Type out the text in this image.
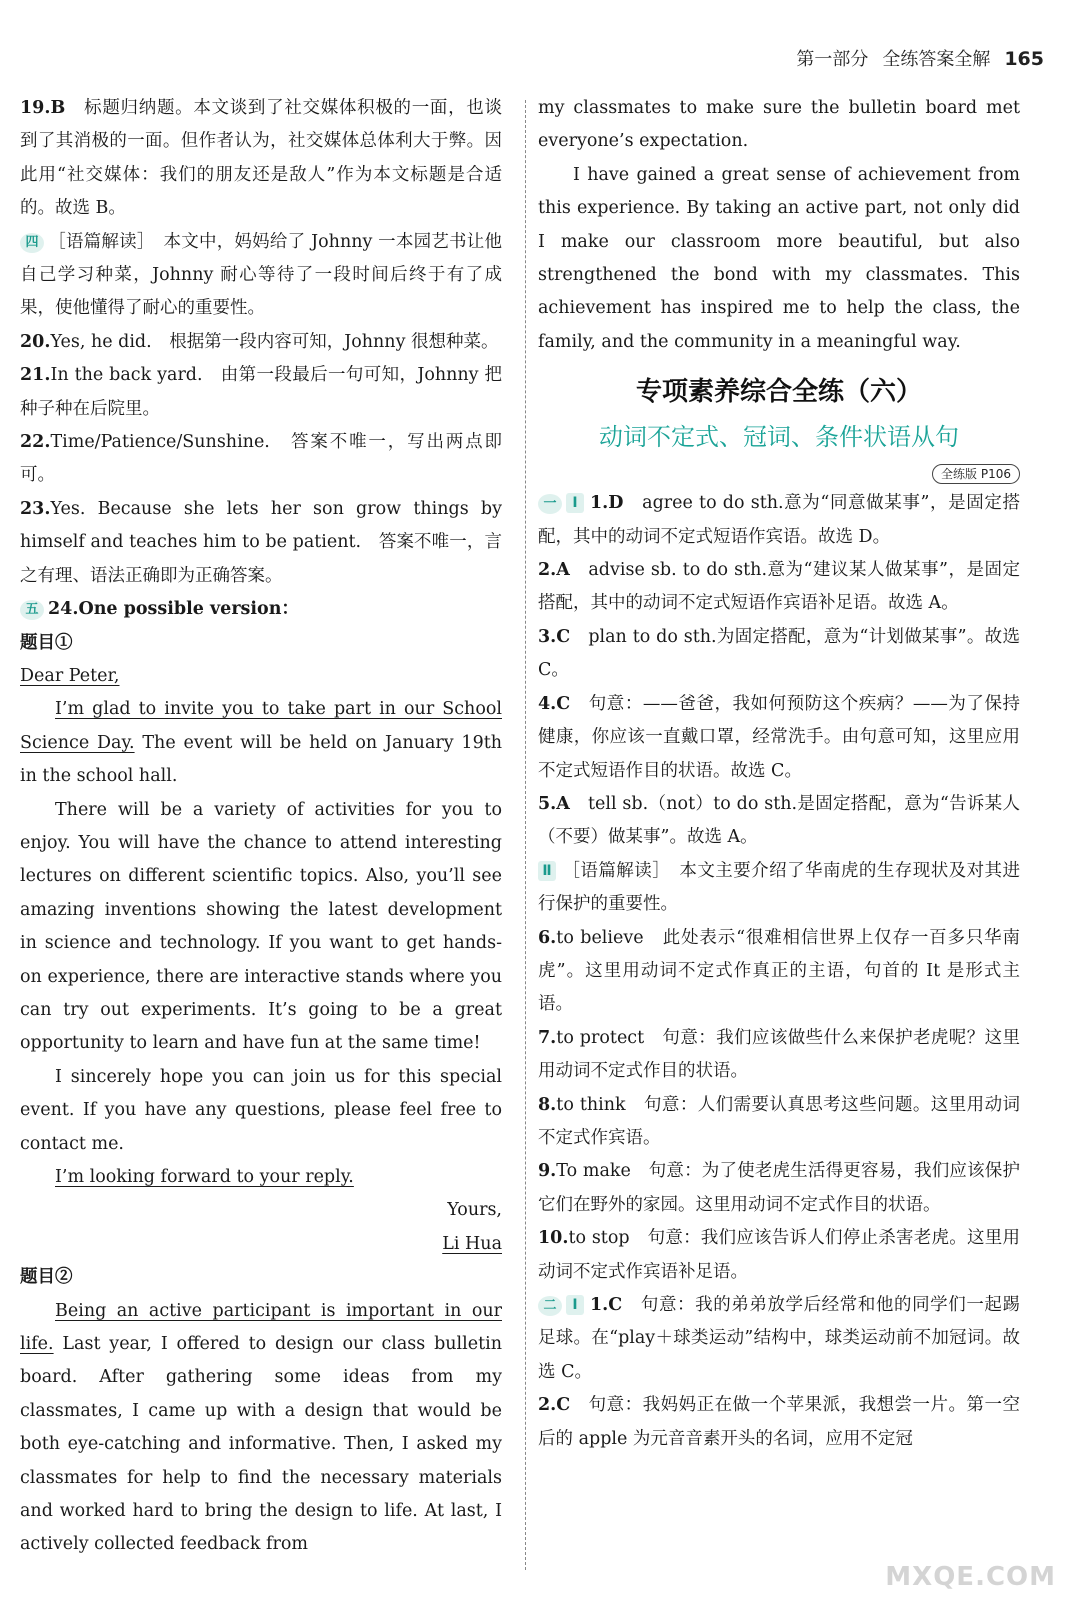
第一部分 全练答案全解 165

19.B　 标题归纳题。本文谈到了社交媒体积极的一面，也谈到了其消极的一面。但作者认为，社交媒体总体利大于弊。因此用“社交媒体：我们的朋友还是敌人”作为本文标题是合适的。故选 B。

四 ［语篇解读］　本文中，妈妈给了 Johnny 一本园艺书让他自己学习种菜，Johnny 耐心等待了一段时间后终于有了成果，使他懂得了耐心的重要性。

20.Yes, he did.　根据第一段内容可知，Johnny 很想种菜。

21.In the back yard.　由第一段最后一句可知，Johnny 把种子种在后院里。

22.Time/Patience/Sunshine.　答案不唯一，写出两点即可。

23.Yes. Because she lets her son grow things by himself and teaches him to be patient.　答案不唯一，言之有理、语法正确即为正确答案。

五 24.One possible version：

题目①

Dear Peter,

I’m glad to invite you to take part in our School Science Day. The event will be held on January 19th in the school hall.

There will be a variety of activities for you to enjoy. You will have the chance to attend interesting lectures on different scientific topics. Also, you’ll see amazing inventions showing the latest development in science and technology. If you want to get hands-on experience, there are interactive stands where you can try out experiments. It’s going to be a great opportunity to learn and have fun at the same time!

I sincerely hope you can join us for this special event. If you have any questions, please feel free to contact me.

I’m looking forward to your reply.

Yours,

Li Hua

题目②

Being an active participant is important in our life. Last year, I offered to design our class bulletin board. After gathering some ideas from my classmates, I came up with a design that would be both eye-catching and informative. Then, I asked my classmates for help to find the necessary materials and worked hard to bring the design to life. At last, I actively collected feedback from

my classmates to make sure the bulletin board met everyone’s expectation.

I have gained a great sense of achievement from this experience. By taking an active part, not only did I make our classroom more beautiful, but also strengthened the bond with my classmates. This achievement has inspired me to help the class, the family, and the community in a meaningful way.

专项素养综合全练（六）
动词不定式、冠词、条件状语从句
全练版 P106

一 Ⅰ 1.D　agree to do sth.意为“同意做某事”，是固定搭配，其中的动词不定式短语作宾语。故选 D。

2.A　advise sb. to do sth.意为“建议某人做某事”，是固定搭配，其中的动词不定式短语作宾语补足语。故选 A。

3.C　plan to do sth.为固定搭配，意为“计划做某事”。故选 C。

4.C　句意：——爸爸，我如何预防这个疾病？——为了保持健康，你应该一直戴口罩，经常洗手。由句意可知，这里应用不定式短语作目的状语。故选 C。

5.A　tell sb.（not）to do sth.是固定搭配，意为“告诉某人（不要）做某事”。故选 A。

Ⅱ ［语篇解读］　本文主要介绍了华南虎的生存现状及对其进行保护的重要性。

6.to believe　此处表示“很难相信世界上仅存一百多只华南虎”。这里用动词不定式作真正的主语，句首的 It 是形式主语。

7.to protect　句意：我们应该做些什么来保护老虎呢？这里用动词不定式作目的状语。

8.to think　句意：人们需要认真思考这些问题。这里用动词不定式作宾语。

9.To make　句意：为了使老虎生活得更容易，我们应该保护它们在野外的家园。这里用动词不定式作目的状语。

10.to stop　句意：我们应该告诉人们停止杀害老虎。这里用动词不定式作宾语补足语。

二 Ⅰ 1.C　句意：我的弟弟放学后经常和他的同学们一起踢足球。在“play＋球类运动”结构中，球类运动前不加冠词。故选 C。

2.C　句意：我妈妈正在做一个苹果派，我想尝一片。第一空后的 apple 为元音音素开头的名词，应用不定冠

MXQE.COM
